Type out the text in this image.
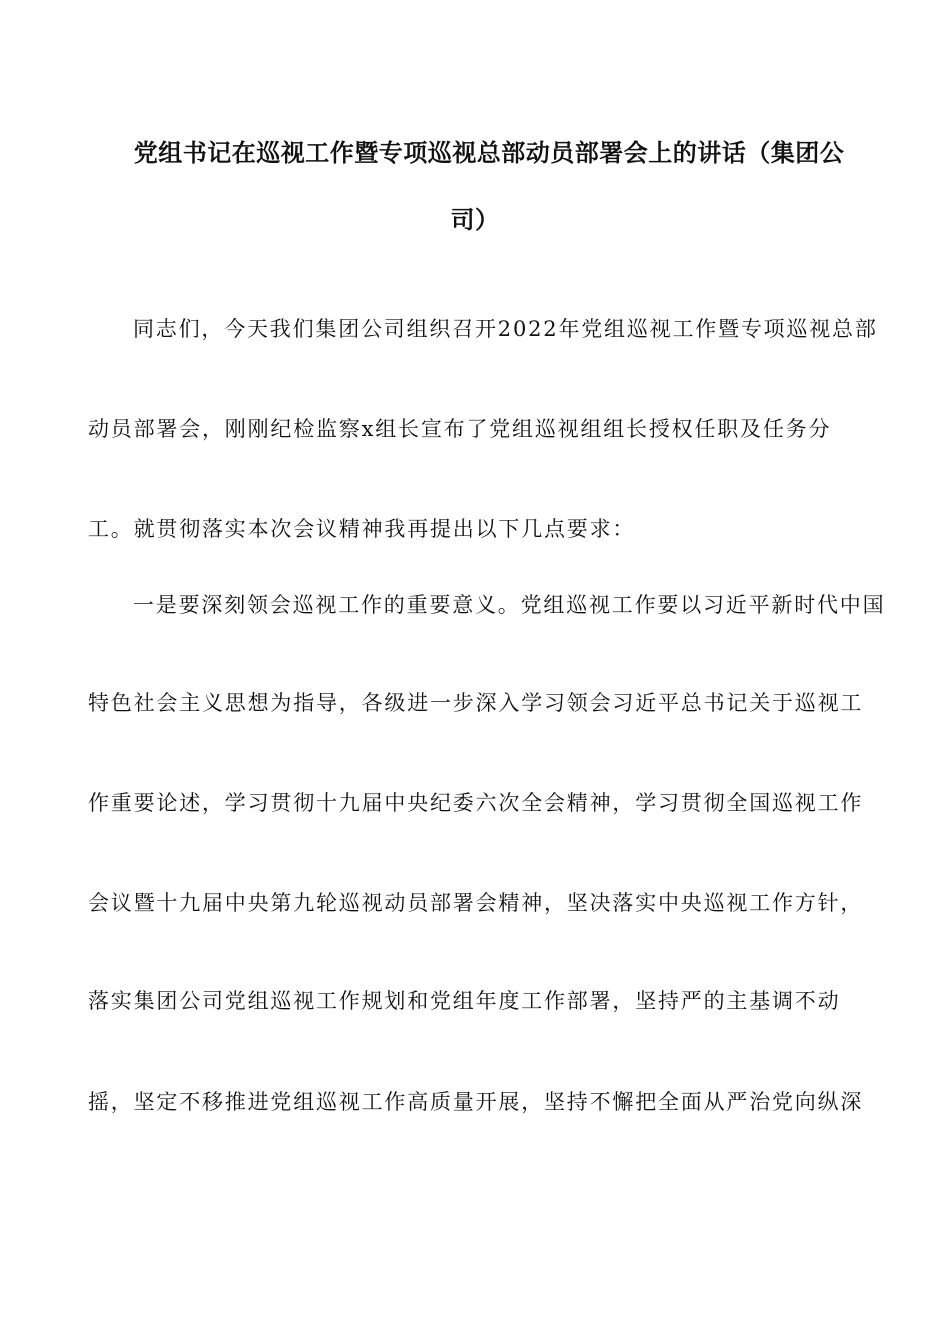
党组书记在巡视工作暨专项巡视总部动员部署会上的讲话（集团公
司）
同志们，今天我们集团公司组织召开2022年党组巡视工作暨专项巡视总部
动员部署会，刚刚纪检监察x组长宣布了党组巡视组组长授权任职及任务分
工。就贯彻落实本次会议精神我再提出以下几点要求：
一是要深刻领会巡视工作的重要意义。党组巡视工作要以习近平新时代中国
特色社会主义思想为指导，各级进一步深入学习领会习近平总书记关于巡视工
作重要论述，学习贯彻十九届中央纪委六次全会精神，学习贯彻全国巡视工作
会议暨十九届中央第九轮巡视动员部署会精神，坚决落实中央巡视工作方针，
落实集团公司党组巡视工作规划和党组年度工作部署，坚持严的主基调不动
摇，坚定不移推进党组巡视工作高质量开展，坚持不懈把全面从严治党向纵深
